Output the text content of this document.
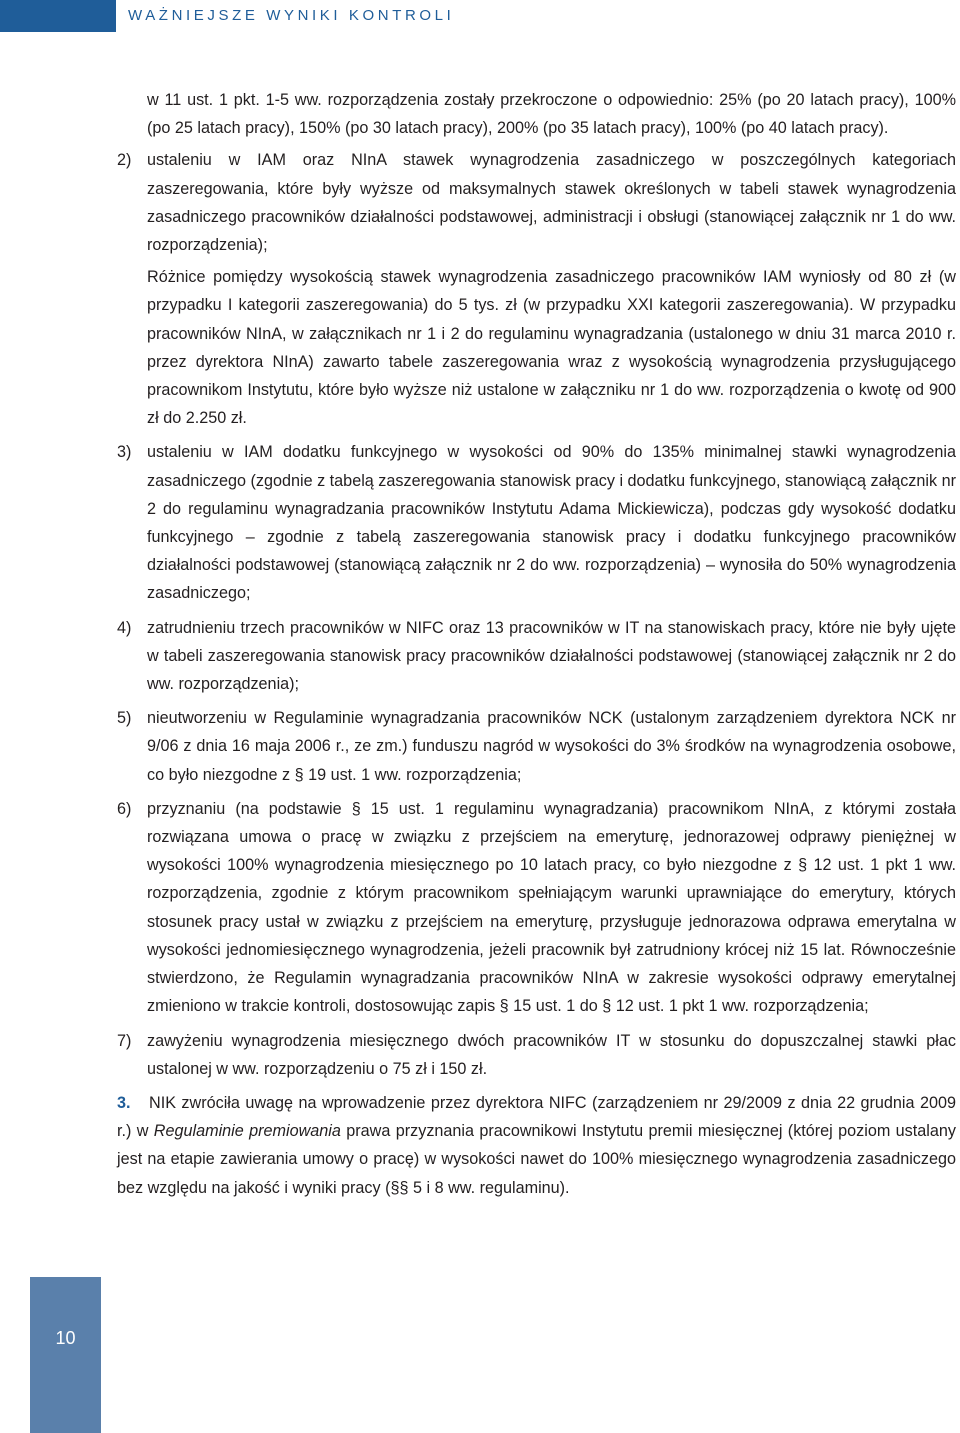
WAŻNIEJSZE WYNIKI KONTROLI

w 11 ust. 1 pkt. 1-5 ww. rozporządzenia zostały przekroczone o odpowiednio: 25% (po 20 latach pracy), 100% (po 25 latach pracy), 150% (po 30 latach pracy), 200% (po 35 latach pracy), 100% (po 40 latach pracy).

2) ustaleniu w IAM oraz NInA stawek wynagrodzenia zasadniczego w poszczególnych kategoriach zaszeregowania, które były wyższe od maksymalnych stawek określonych w tabeli stawek wynagrodzenia zasadniczego pracowników działalności podstawowej, administracji i obsługi (stanowiącej załącznik nr 1 do ww. rozporządzenia);

Różnice pomiędzy wysokością stawek wynagrodzenia zasadniczego pracowników IAM wyniosły od 80 zł (w przypadku I kategorii zaszeregowania) do 5 tys. zł (w przypadku XXI kategorii zaszeregowania). W przypadku pracowników NInA, w załącznikach nr 1 i 2 do regulaminu wynagradzania (ustalonego w dniu 31 marca 2010 r. przez dyrektora NInA) zawarto tabele zaszeregowania wraz z wysokością wynagrodzenia przysługującego pracownikom Instytutu, które było wyższe niż ustalone w załączniku nr 1 do ww. rozporządzenia o kwotę od 900 zł do 2.250 zł.

3) ustaleniu w IAM dodatku funkcyjnego w wysokości od 90% do 135% minimalnej stawki wynagrodzenia zasadniczego (zgodnie z tabelą zaszeregowania stanowisk pracy i dodatku funkcyjnego, stanowiącą załącznik nr 2 do regulaminu wynagradzania pracowników Instytutu Adama Mickiewicza), podczas gdy wysokość dodatku funkcyjnego – zgodnie z tabelą zaszeregowania stanowisk pracy i dodatku funkcyjnego pracowników działalności podstawowej (stanowiącą załącznik nr 2 do ww. rozporządzenia) – wynosiła do 50% wynagrodzenia zasadniczego;
4) zatrudnieniu trzech pracowników w NIFC oraz 13 pracowników w IT na stanowiskach pracy, które nie były ujęte w tabeli zaszeregowania stanowisk pracy pracowników działalności podstawowej (stanowiącej załącznik nr 2 do ww. rozporządzenia);
5) nieutworzeniu w Regulaminie wynagradzania pracowników NCK (ustalonym zarządzeniem dyrektora NCK nr 9/06 z dnia 16 maja 2006 r., ze zm.) funduszu nagród w wysokości do 3% środków na wynagrodzenia osobowe, co było niezgodne z § 19 ust. 1 ww. rozporządzenia;
6) przyznaniu (na podstawie § 15 ust. 1 regulaminu wynagradzania) pracownikom NInA, z którymi została rozwiązana umowa o pracę w związku z przejściem na emeryturę, jednorazowej odprawy pieniężnej w wysokości 100% wynagrodzenia miesięcznego po 10 latach pracy, co było niezgodne z § 12 ust. 1 pkt 1 ww. rozporządzenia, zgodnie z którym pracownikom spełniającym warunki uprawniające do emerytury, których stosunek pracy ustał w związku z przejściem na emeryturę, przysługuje jednorazowa odprawa emerytalna w wysokości jednomiesięcznego wynagrodzenia, jeżeli pracownik był zatrudniony krócej niż 15 lat. Równocześnie stwierdzono, że Regulamin wynagradzania pracowników NInA w zakresie wysokości odprawy emerytalnej zmieniono w trakcie kontroli, dostosowując zapis § 15 ust. 1 do § 12 ust. 1 pkt 1 ww. rozporządzenia;
7) zawyżeniu wynagrodzenia miesięcznego dwóch pracowników IT w stosunku do dopuszczalnej stawki płac ustalonej w ww. rozporządzeniu o 75 zł i 150 zł.

3. NIK zwróciła uwagę na wprowadzenie przez dyrektora NIFC (zarządzeniem nr 29/2009 z dnia 22 grudnia 2009 r.) w Regulaminie premiowania prawa przyznania pracownikowi Instytutu premii miesięcznej (której poziom ustalany jest na etapie zawierania umowy o pracę) w wysokości nawet do 100% miesięcznego wynagrodzenia zasadniczego bez względu na jakość i wyniki pracy (§§ 5 i 8 ww. regulaminu).

10
